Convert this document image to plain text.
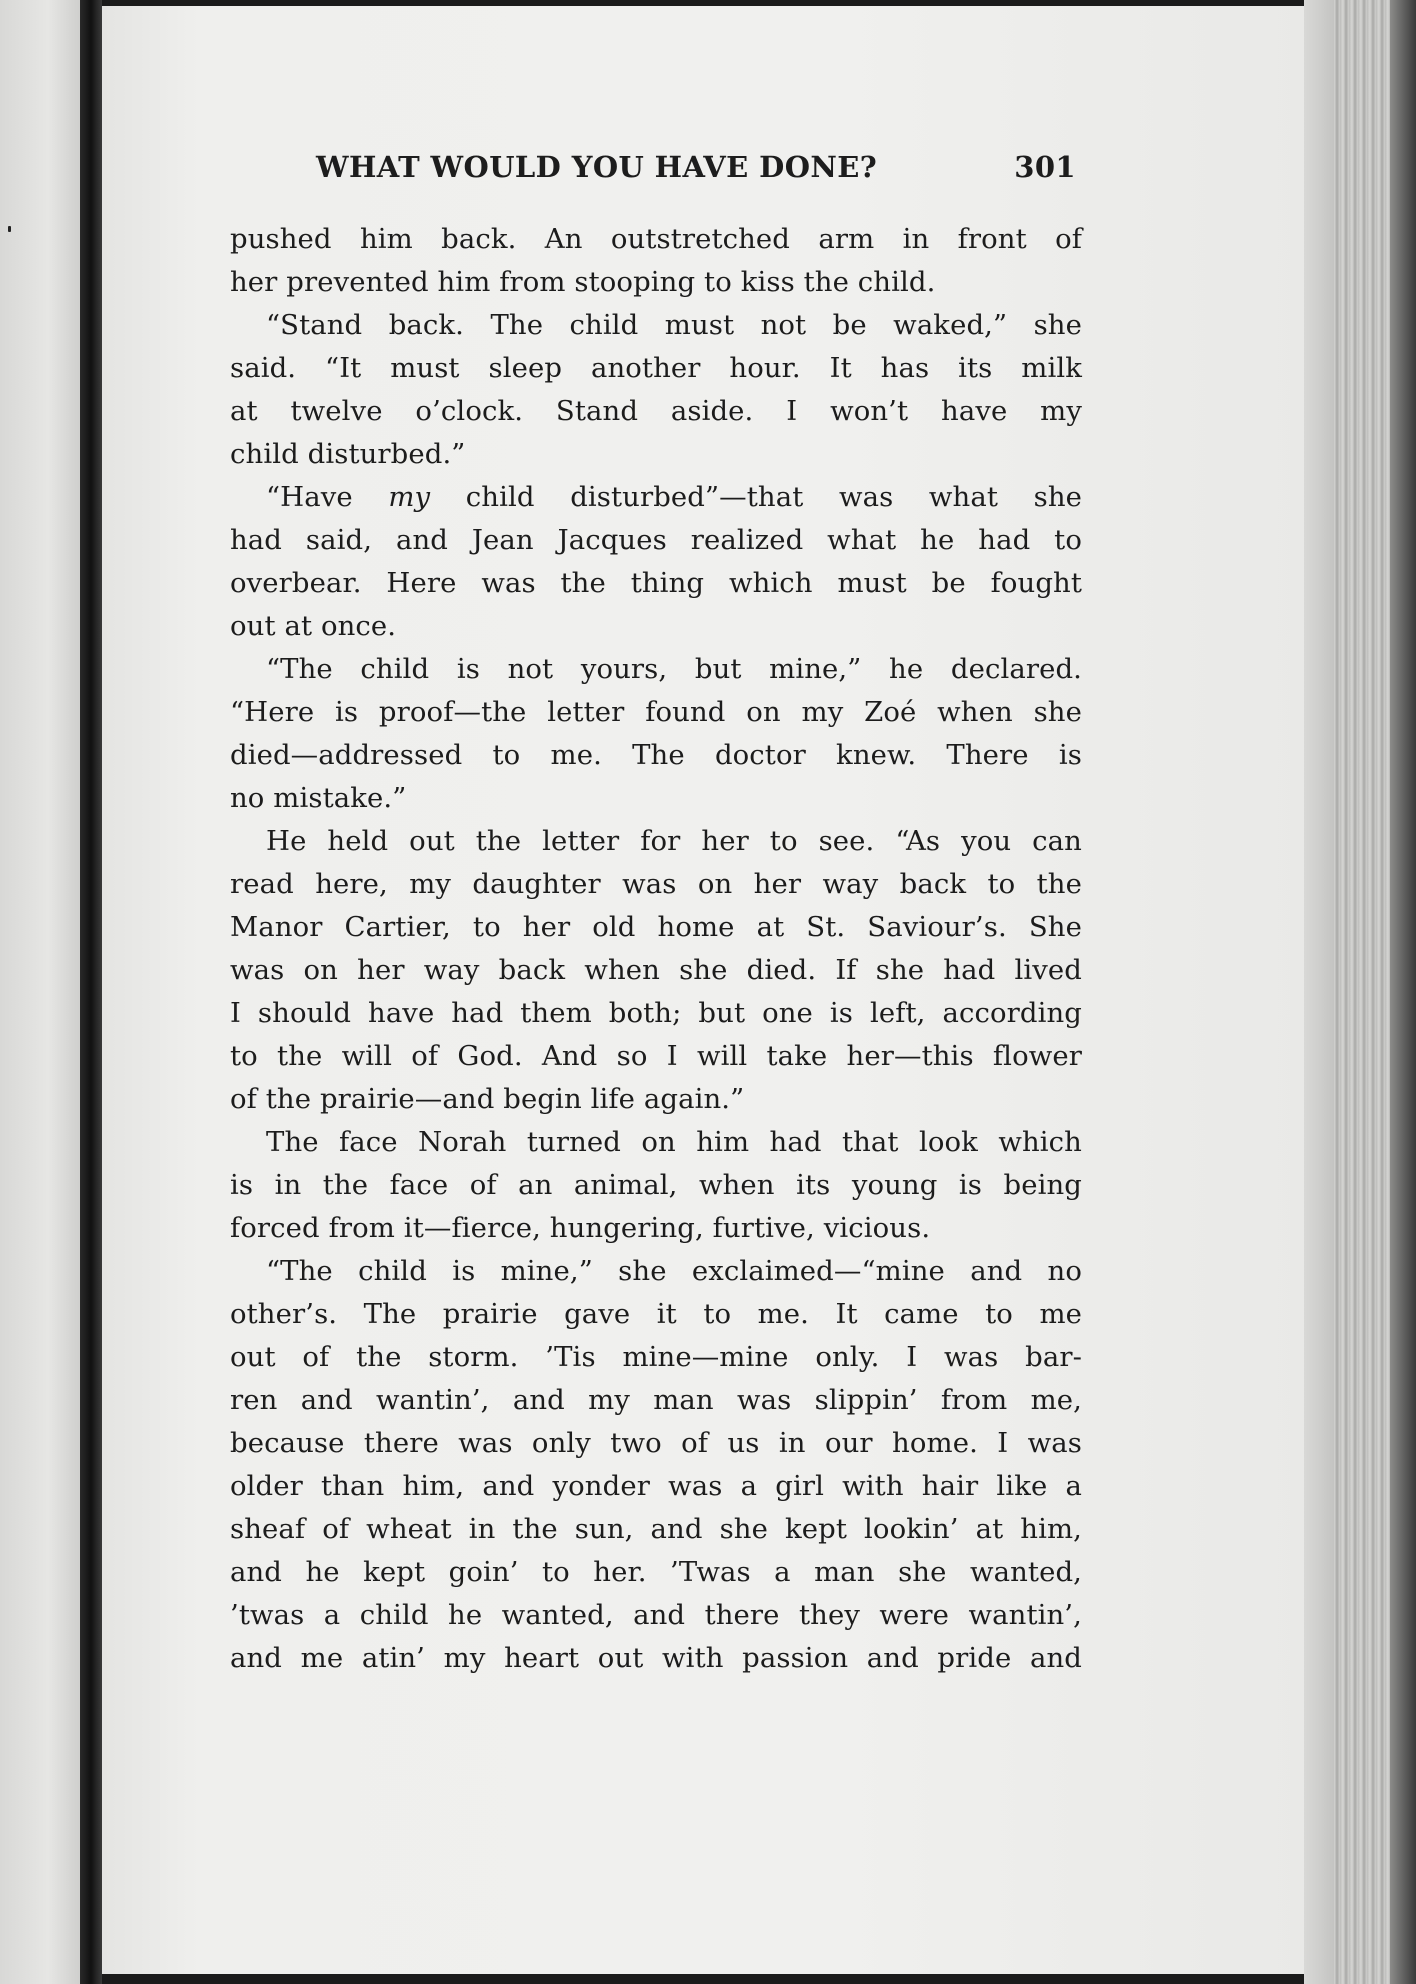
WHAT WOULD YOU HAVE DONE?	301
pushed him back. An outstretched arm in front of
her prevented him from stooping to kiss the child.
“Stand back. The child must not be waked,” she
said. “It must sleep another hour. It has its milk
at twelve o’clock. Stand aside. I won’t have my
child disturbed.”
“Have my child disturbed”—that was what she
had said, and Jean Jacques realized what he had to
overbear. Here was the thing which must be fought
out at once.
“The child is not yours, but mine,” he declared.
“Here is proof—the letter found on my Zoé when she
died—addressed to me. The doctor knew. There is
no mistake.”
He held out the letter for her to see. “As you can
read here, my daughter was on her way back to the
Manor Cartier, to her old home at St. Saviour’s. She
was on her way back when she died. If she had lived
I should have had them both; but one is left, according
to the will of God. And so I will take her—this flower
of the prairie—and begin life again.”
The face Norah turned on him had that look which
is in the face of an animal, when its young is being
forced from it—fierce, hungering, furtive, vicious.
“The child is mine,” she exclaimed—“mine and no
other’s. The prairie gave it to me. It came to me
out of the storm. ’Tis mine—mine only. I was bar-
ren and wantin’, and my man was slippin’ from me,
because there was only two of us in our home. I was
older than him, and yonder was a girl with hair like a
sheaf of wheat in the sun, and she kept lookin’ at him,
and he kept goin’ to her. ’Twas a man she wanted,
’twas a child he wanted, and there they were wantin’,
and me atin’ my heart out with passion and pride and
